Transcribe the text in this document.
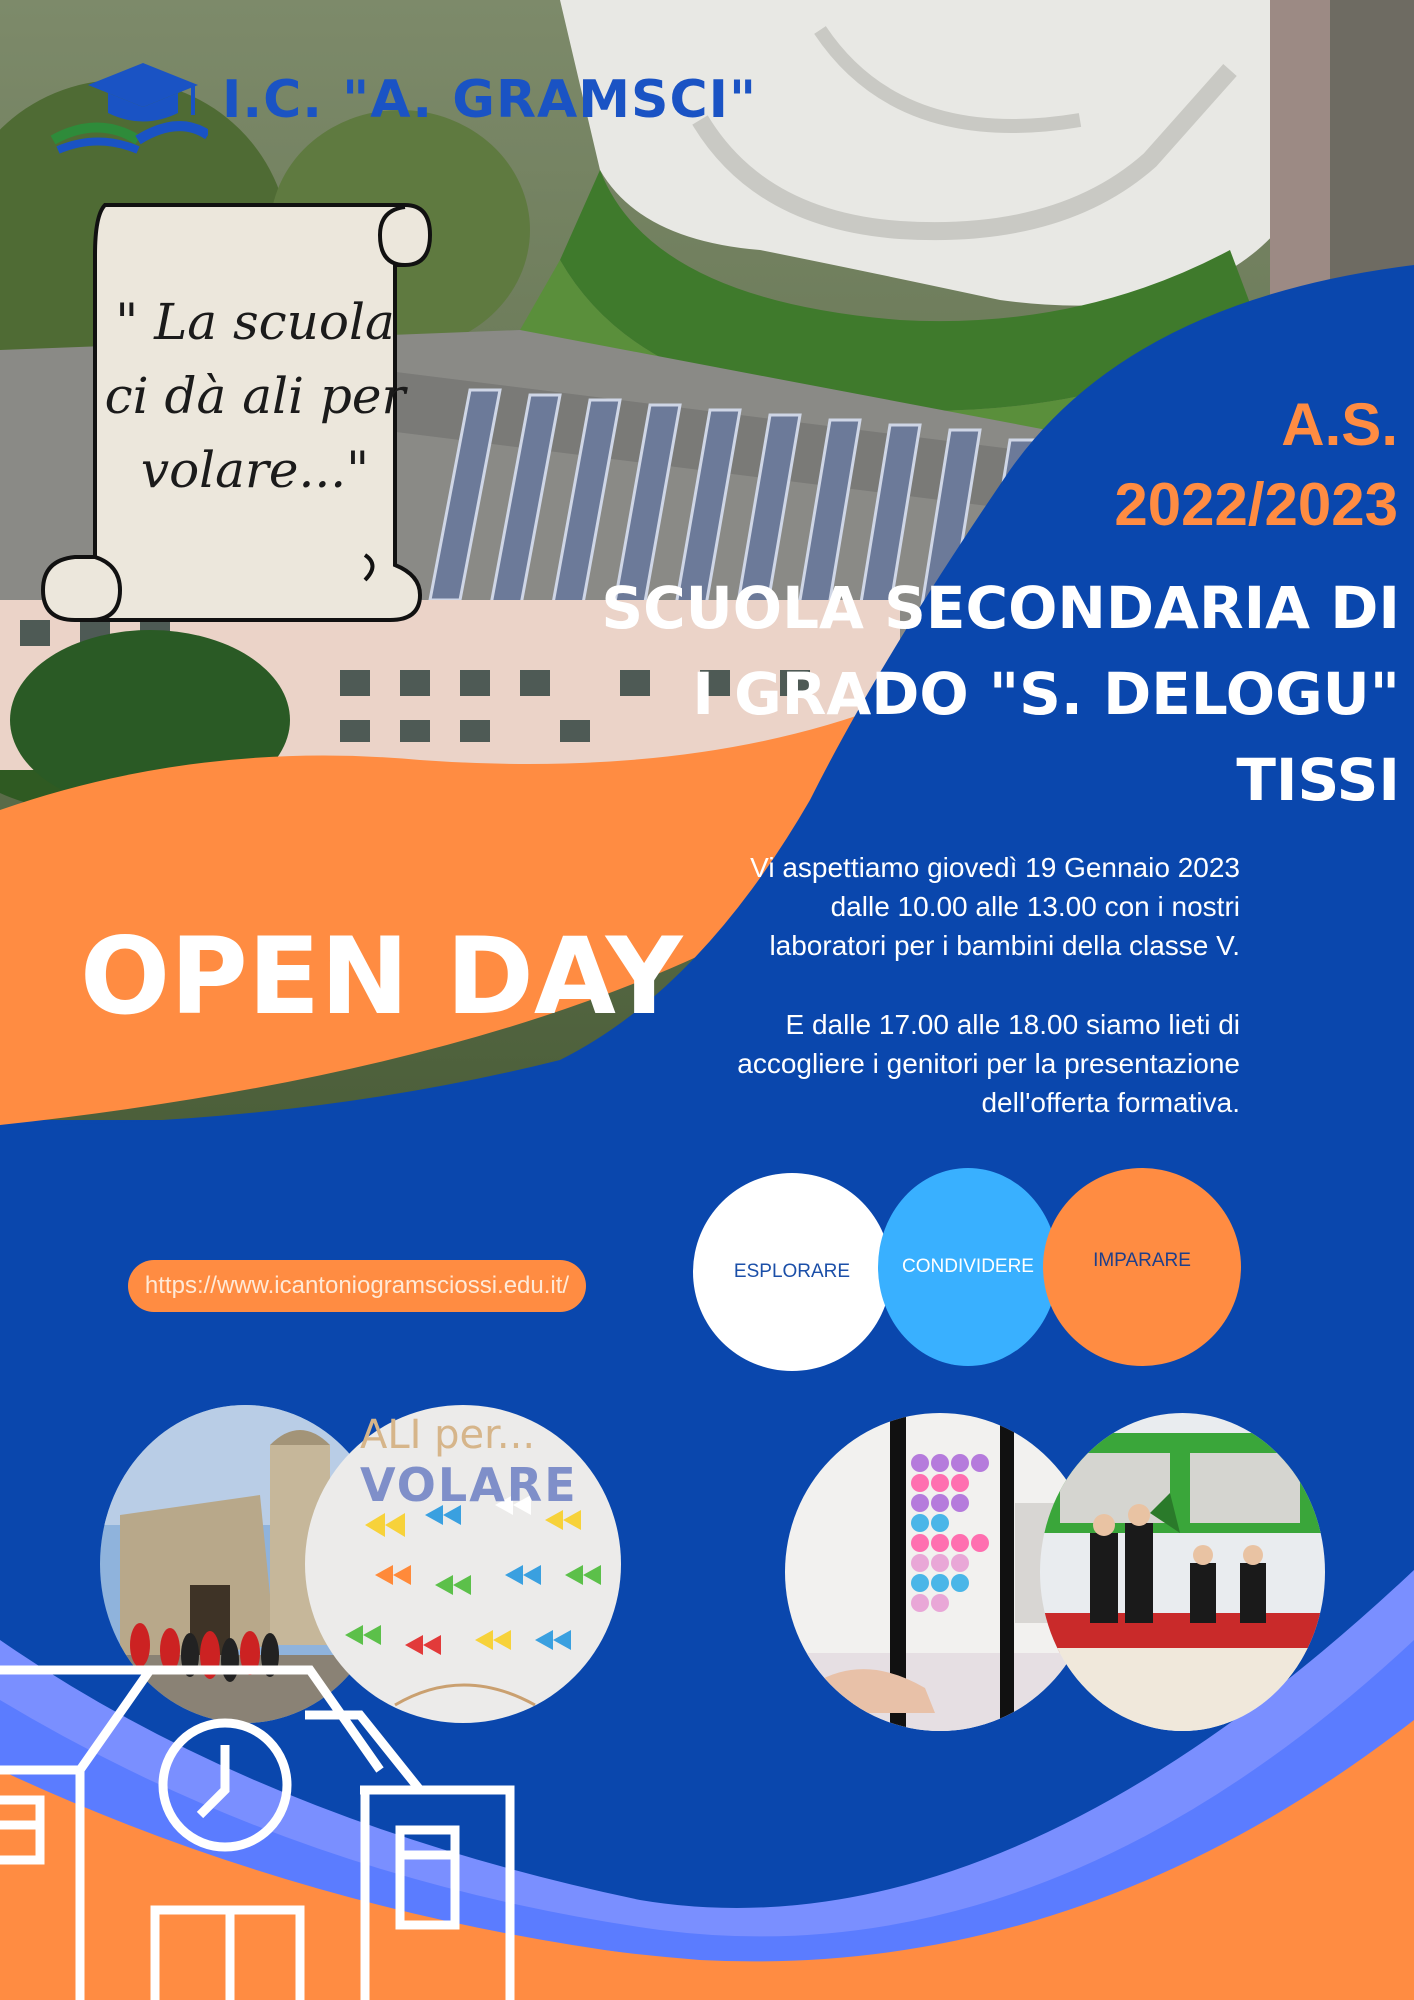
I.C. "A. GRAMSCI"
" La scuola
ci dà ali per
volare..."
A.S.
2022/2023
SCUOLA SECONDARIA DI
I GRADO "S. DELOGU"
TISSI
OPEN DAY
Vi aspettiamo giovedì 19 Gennaio 2023
dalle 10.00 alle 13.00 con i nostri
laboratori per i bambini della classe V.
E dalle 17.00 alle 18.00 siamo lieti di
accogliere i genitori per la presentazione
dell'offerta formativa.
https://www.icantoniogramsciossi.edu.it/
ESPLORARE	CONDIVIDERE	IMPARARE
ALI per...
VOLARE
